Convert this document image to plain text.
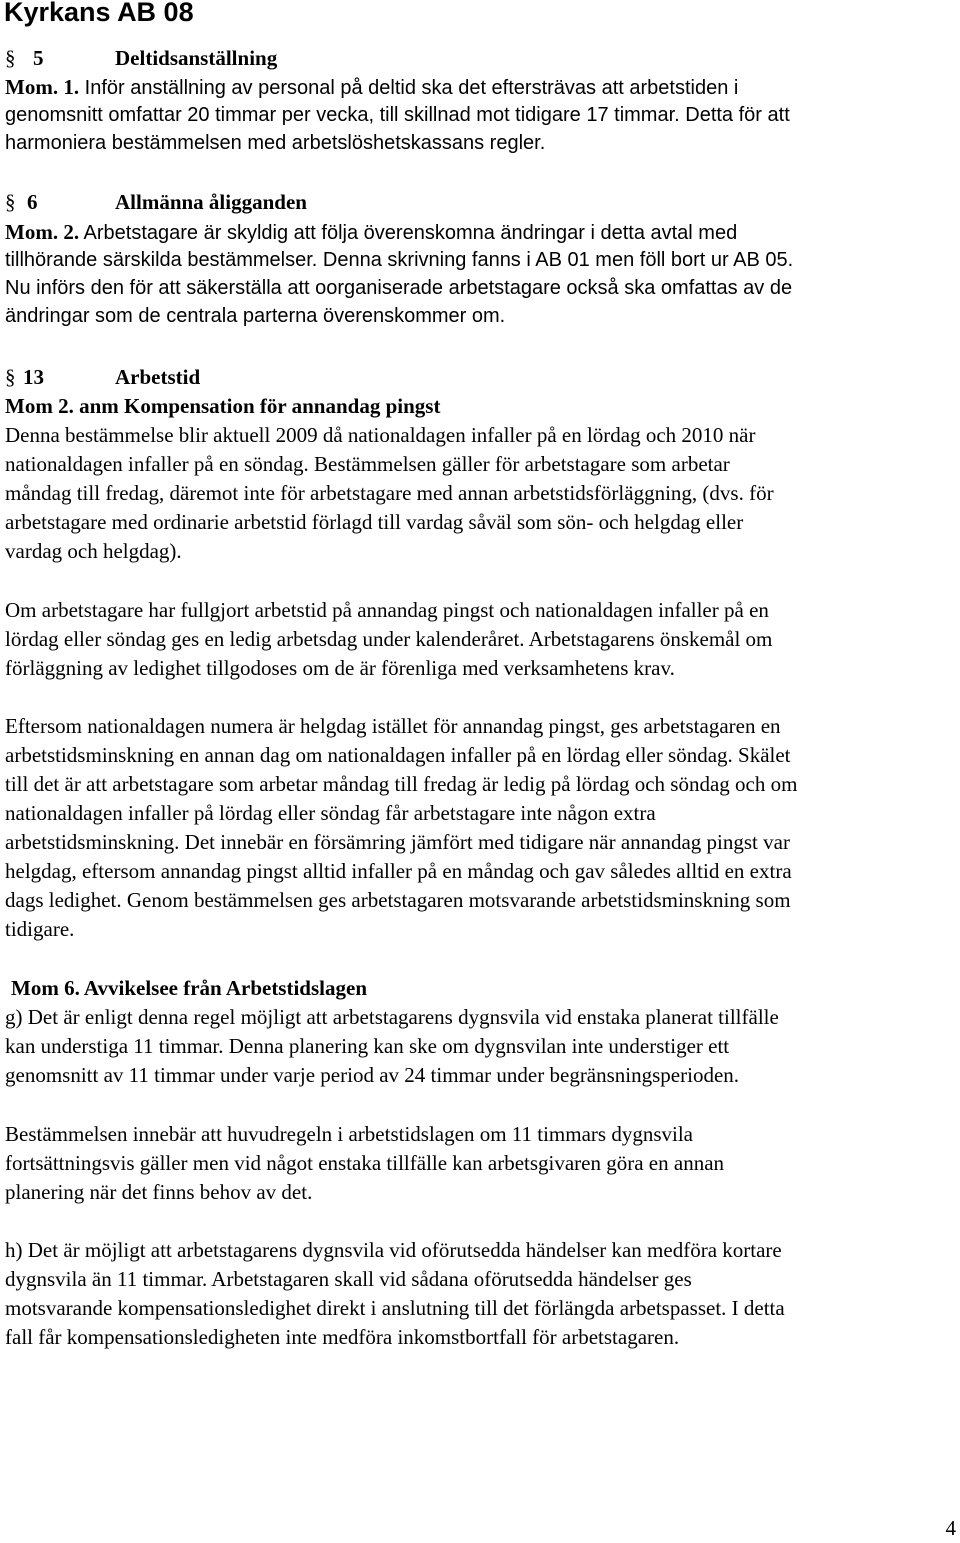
Kyrkans AB 08
§ 5	Deltidsanställning
Mom. 1. Inför anställning av personal på deltid ska det eftersträvas att arbetstiden i
genomsnitt omfattar 20 timmar per vecka, till skillnad mot tidigare 17 timmar. Detta för att
harmoniera bestämmelsen med arbetslöshetskassans regler.
§ 6	Allmänna åligganden
Mom. 2. Arbetstagare är skyldig att följa överenskomna ändringar i detta avtal med
tillhörande särskilda bestämmelser. Denna skrivning fanns i AB 01 men föll bort ur AB 05.
Nu införs den för att säkerställa att oorganiserade arbetstagare också ska omfattas av de
ändringar som de centrala parterna överenskommer om.
§ 13	Arbetstid
Mom 2. anm Kompensation för annandag pingst
Denna bestämmelse blir aktuell 2009 då nationaldagen infaller på en lördag och 2010 när
nationaldagen infaller på en söndag. Bestämmelsen gäller för arbetstagare som arbetar
måndag till fredag, däremot inte för arbetstagare med annan arbetstidsförläggning, (dvs. för
arbetstagare med ordinarie arbetstid förlagd till vardag såväl som sön- och helgdag eller
vardag och helgdag).
Om arbetstagare har fullgjort arbetstid på annandag pingst och nationaldagen infaller på en
lördag eller söndag ges en ledig arbetsdag under kalenderåret. Arbetstagarens önskemål om
förläggning av ledighet tillgodoses om de är förenliga med verksamhetens krav.
Eftersom nationaldagen numera är helgdag istället för annandag pingst, ges arbetstagaren en
arbetstidsminskning en annan dag om nationaldagen infaller på en lördag eller söndag. Skälet
till det är att arbetstagare som arbetar måndag till fredag är ledig på lördag och söndag och om
nationaldagen infaller på lördag eller söndag får arbetstagare inte någon extra
arbetstidsminskning. Det innebär en försämring jämfört med tidigare när annandag pingst var
helgdag, eftersom annandag pingst alltid infaller på en måndag och gav således alltid en extra
dags ledighet. Genom bestämmelsen ges arbetstagaren motsvarande arbetstidsminskning som
tidigare.
Mom 6. Avvikelsee från Arbetstidslagen
g) Det är enligt denna regel möjligt att arbetstagarens dygnsvila vid enstaka planerat tillfälle
kan understiga 11 timmar. Denna planering kan ske om dygnsvilan inte understiger ett
genomsnitt av 11 timmar under varje period av 24 timmar under begränsningsperioden.
Bestämmelsen innebär att huvudregeln i arbetstidslagen om 11 timmars dygnsvila
fortsättningsvis gäller men vid något enstaka tillfälle kan arbetsgivaren göra en annan
planering när det finns behov av det.
h) Det är möjligt att arbetstagarens dygnsvila vid oförutsedda händelser kan medföra kortare
dygnsvila än 11 timmar. Arbetstagaren skall vid sådana oförutsedda händelser ges
motsvarande kompensationsledighet direkt i anslutning till det förlängda arbetspasset. I detta
fall får kompensationsledigheten inte medföra inkomstbortfall för arbetstagaren.
4
